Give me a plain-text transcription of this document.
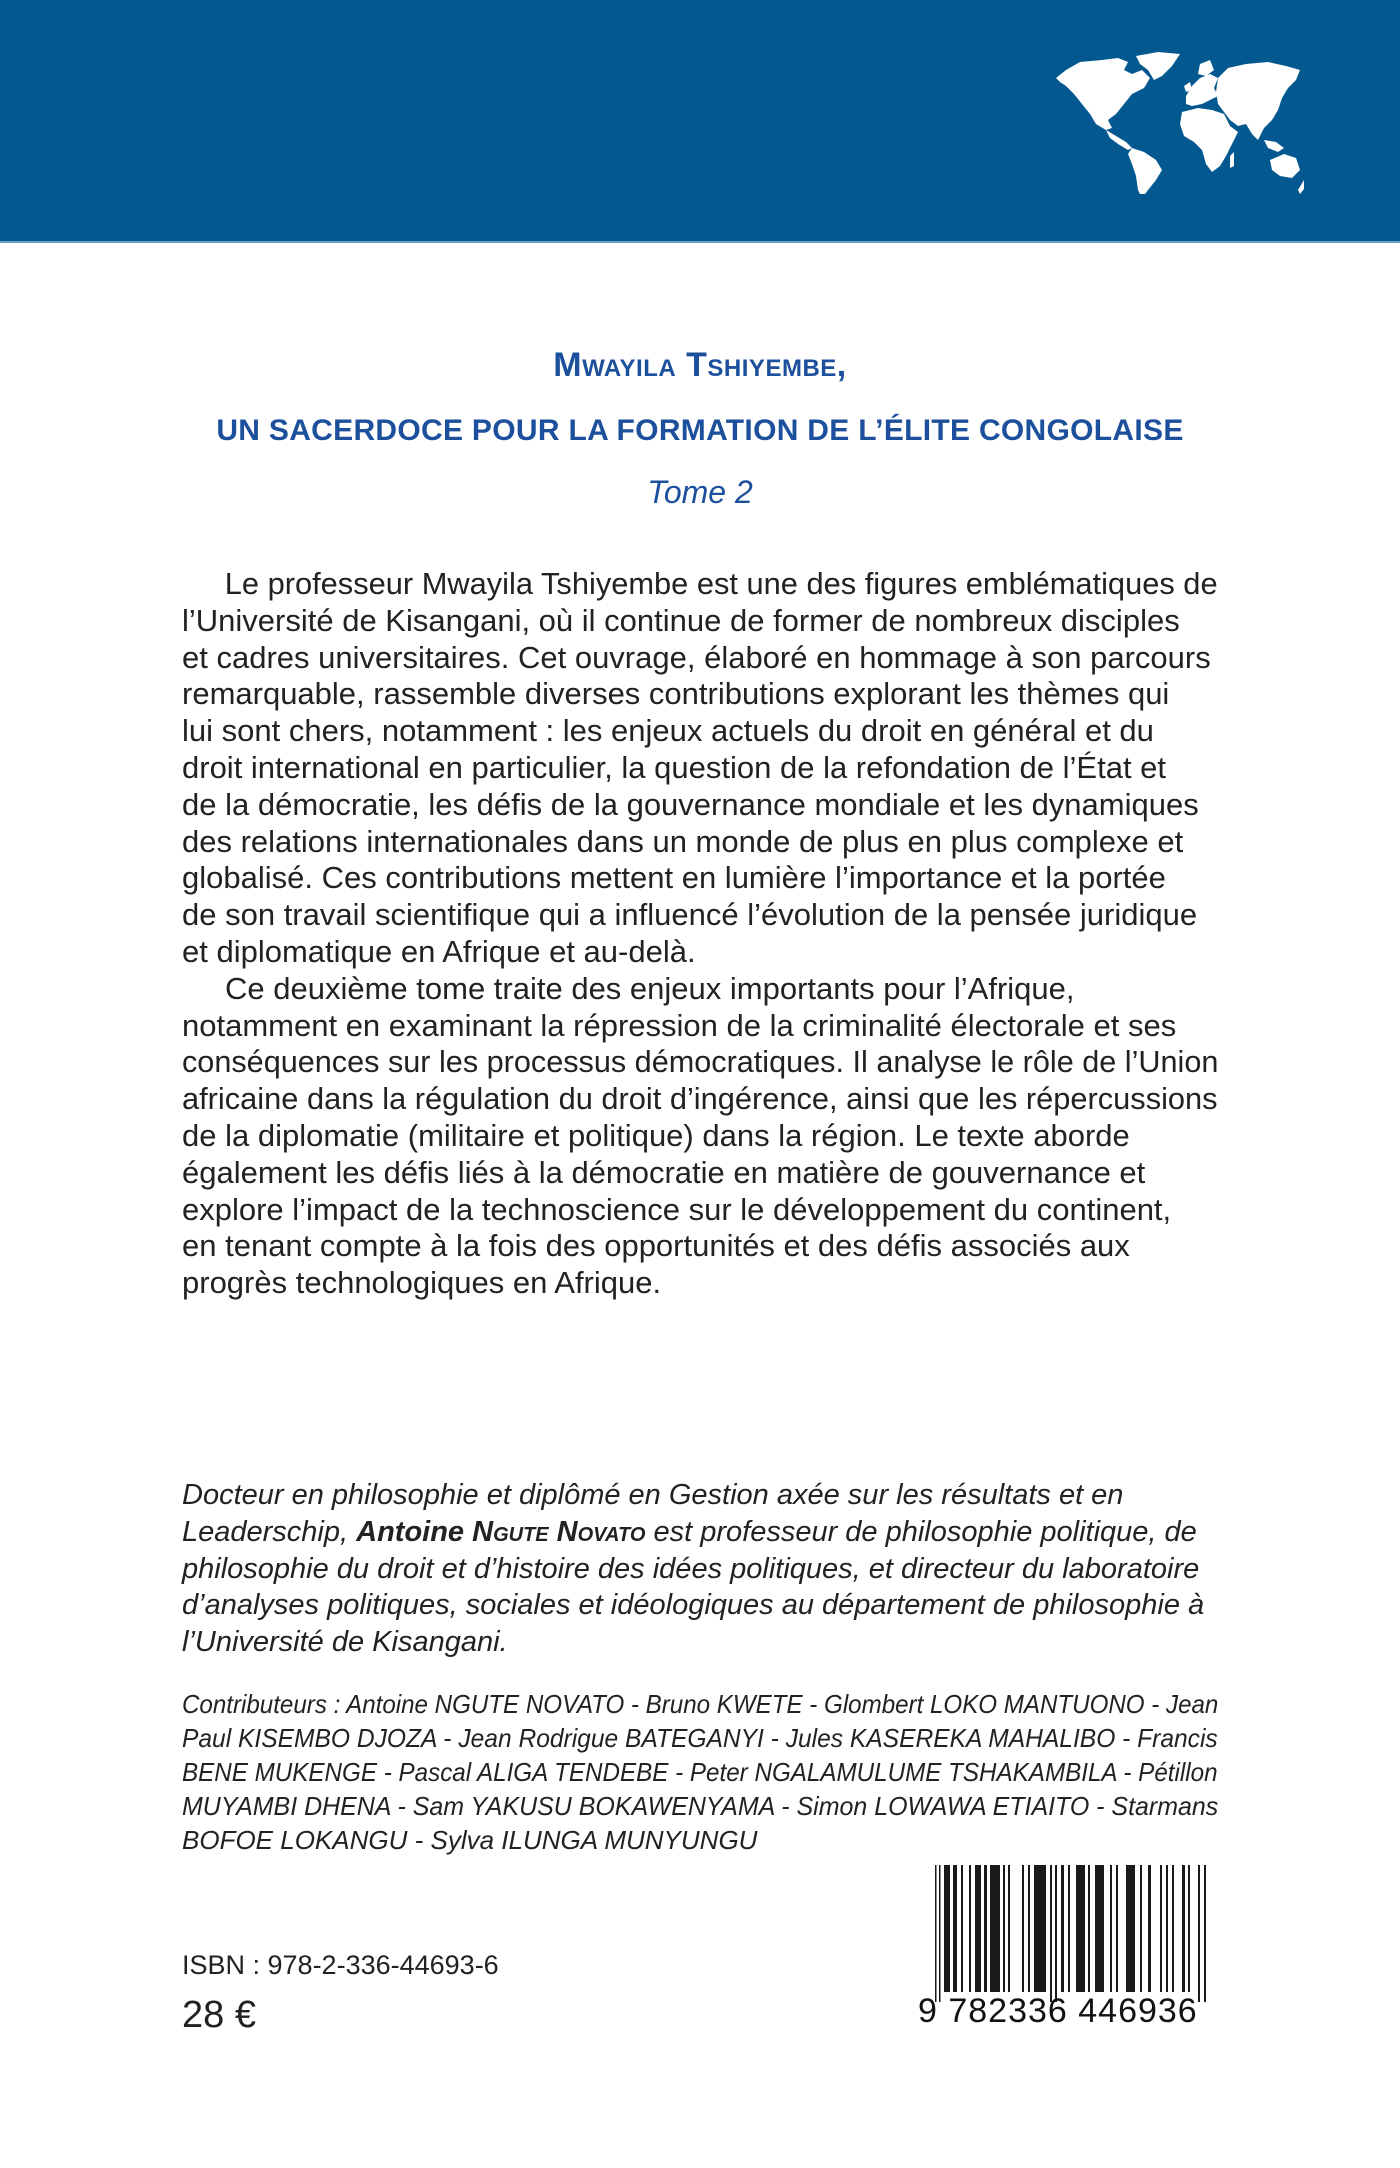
Mwayila Tshiyembe,
UN SACERDOCE POUR LA FORMATION DE L’ÉLITE CONGOLAISE
Tome 2
Le professeur Mwayila Tshiyembe est une des figures emblématiques de
l’Université de Kisangani, où il continue de former de nombreux disciples
et cadres universitaires. Cet ouvrage, élaboré en hommage à son parcours
remarquable, rassemble diverses contributions explorant les thèmes qui
lui sont chers, notamment : les enjeux actuels du droit en général et du
droit international en particulier, la question de la refondation de l’État et
de la démocratie, les défis de la gouvernance mondiale et les dynamiques
des relations internationales dans un monde de plus en plus complexe et
globalisé. Ces contributions mettent en lumière l’importance et la portée
de son travail scientifique qui a influencé l’évolution de la pensée juridique
et diplomatique en Afrique et au-delà.
Ce deuxième tome traite des enjeux importants pour l’Afrique,
notamment en examinant la répression de la criminalité électorale et ses
conséquences sur les processus démocratiques. Il analyse le rôle de l’Union
africaine dans la régulation du droit d’ingérence, ainsi que les répercussions
de la diplomatie (militaire et politique) dans la région. Le texte aborde
également les défis liés à la démocratie en matière de gouvernance et
explore l’impact de la technoscience sur le développement du continent,
en tenant compte à la fois des opportunités et des défis associés aux
progrès technologiques en Afrique.
Docteur en philosophie et diplômé en Gestion axée sur les résultats et en
Leaderschip, Antoine Ngute Novato est professeur de philosophie politique, de
philosophie du droit et d’histoire des idées politiques, et directeur du laboratoire
d’analyses politiques, sociales et idéologiques au département de philosophie à
l’Université de Kisangani.
Contributeurs : Antoine NGUTE NOVATO - Bruno KWETE - Glombert LOKO MANTUONO - Jean
Paul KISEMBO DJOZA - Jean Rodrigue BATEGANYI - Jules KASEREKA MAHALIBO - Francis
BENE MUKENGE - Pascal ALIGA TENDEBE - Peter NGALAMULUME TSHAKAMBILA - Pétillon
MUYAMBI DHENA - Sam YAKUSU BOKAWENYAMA - Simon LOWAWA ETIAITO - Starmans
BOFOE LOKANGU - Sylva ILUNGA MUNYUNGU
ISBN : 978-2-336-44693-6
28 €	9 782336 446936
